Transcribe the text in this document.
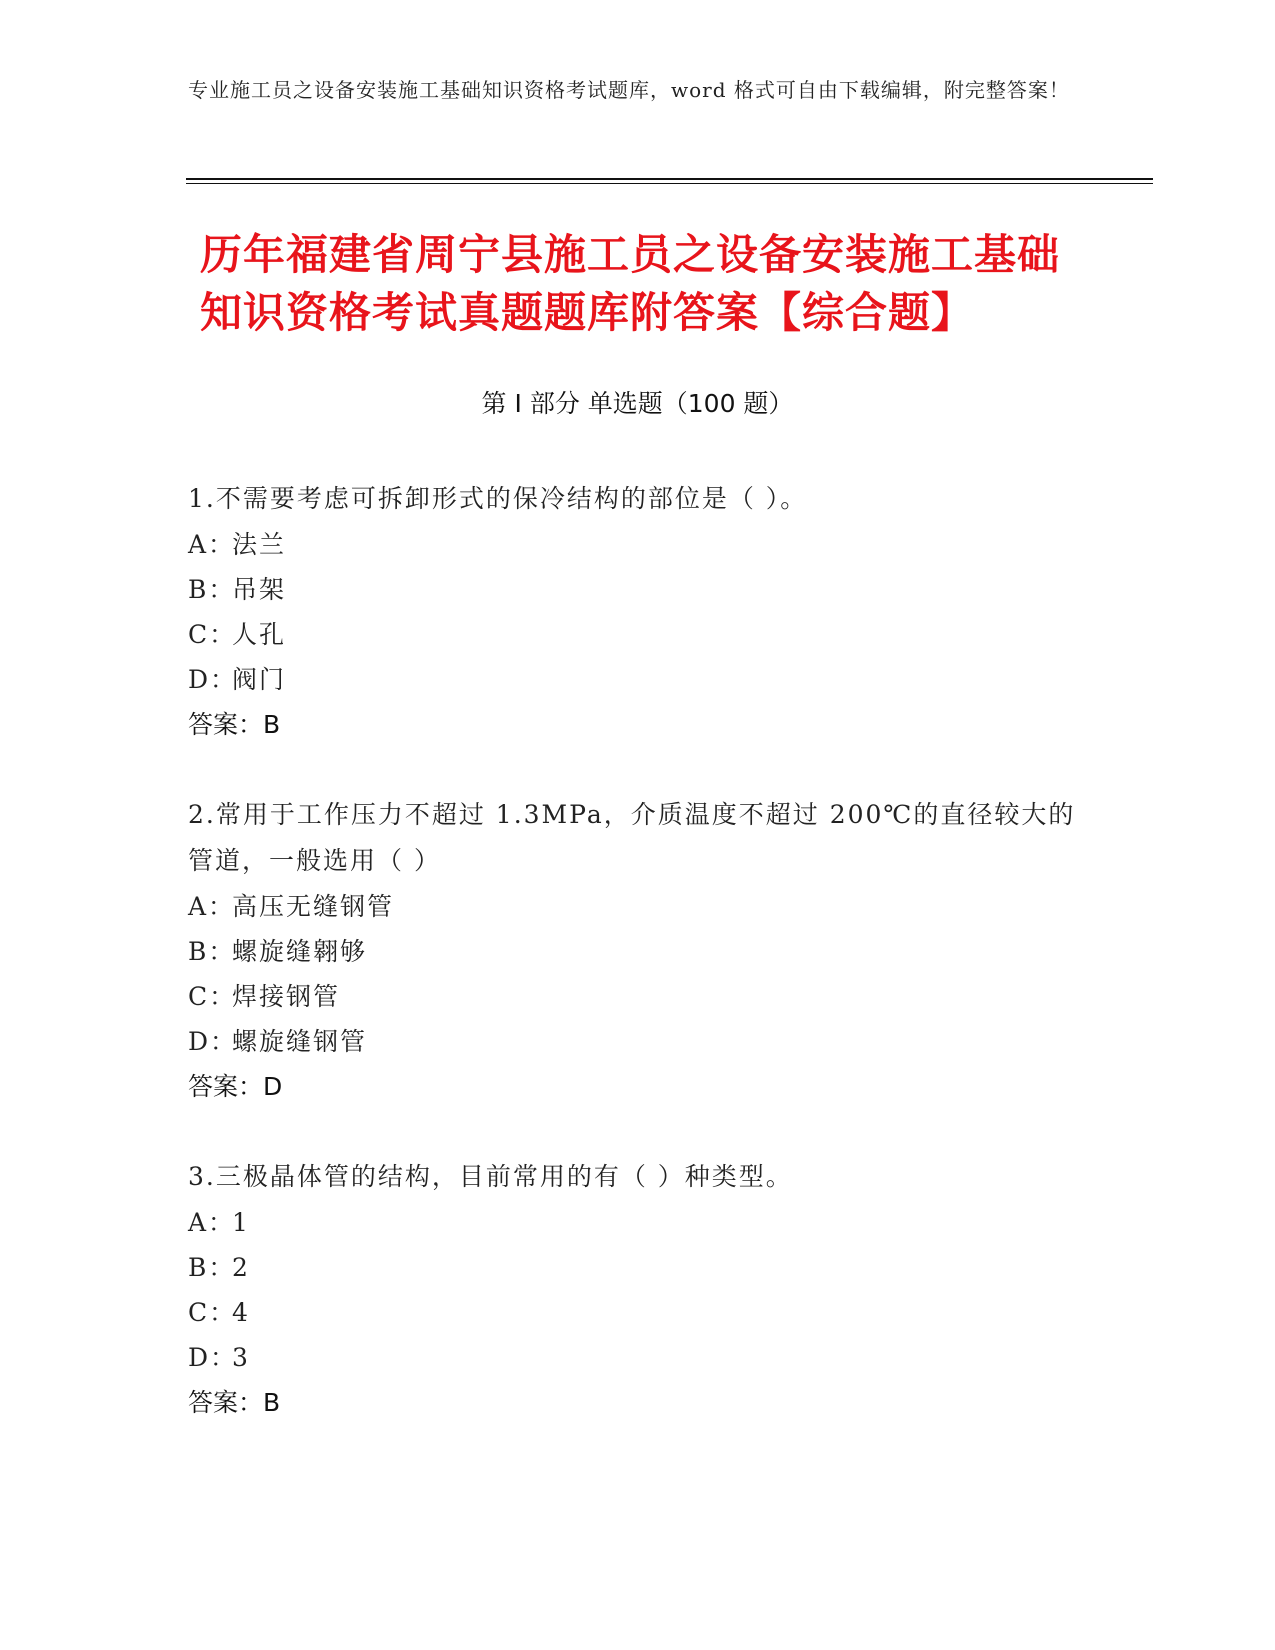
专业施工员之设备安装施工基础知识资格考试题库，word 格式可自由下载编辑，附完整答案！
历年福建省周宁县施工员之设备安装施工基础知识资格考试真题题库附答案【综合题】
第 I 部分 单选题（100 题）
1.不需要考虑可拆卸形式的保冷结构的部位是（ ）。
A：法兰
B：吊架
C：人孔
D：阀门
答案：B
2.常用于工作压力不超过 1.3MPa，介质温度不超过 200℃的直径较大的管道，一般选用（ ）
A：高压无缝钢管
B：螺旋缝翱够
C：焊接钢管
D：螺旋缝钢管
答案：D
3.三极晶体管的结构，目前常用的有（ ）种类型。
A：1
B：2
C：4
D：3
答案：B
